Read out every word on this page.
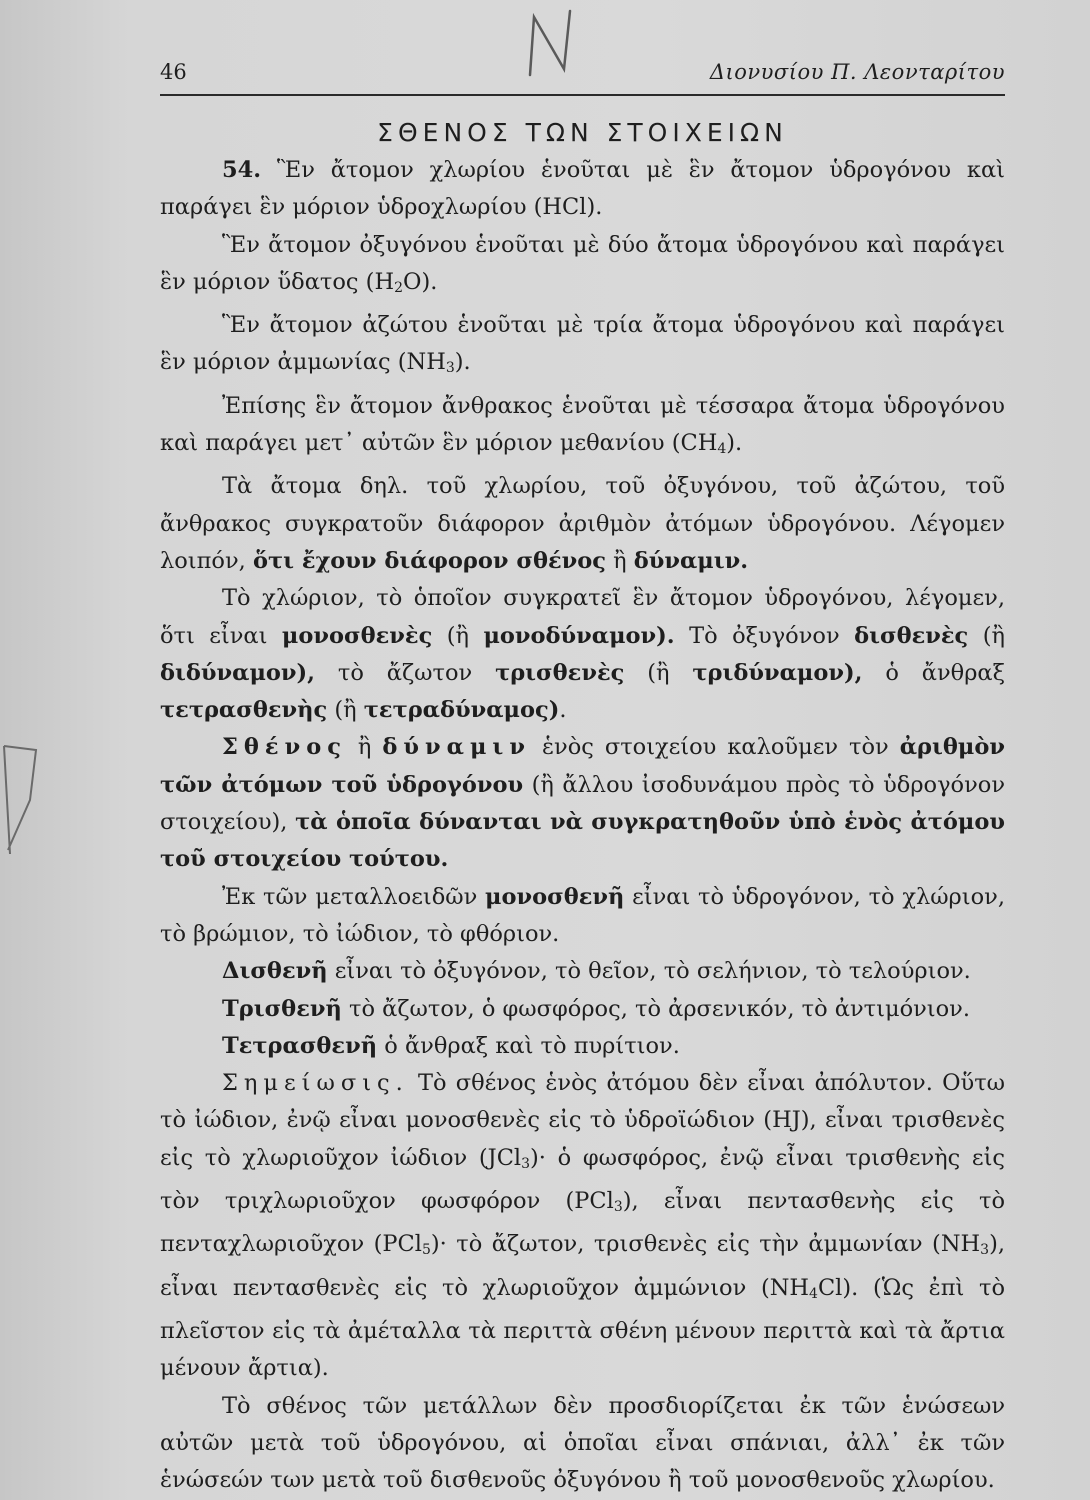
46	Διονυσίου Π. Λεονταρίτου
ΣΘΕΝΟΣ ΤΩΝ ΣΤΟΙΧΕΙΩΝ

54. Ἓν ἄτομον χλωρίου ἑνοῦται μὲ ἓν ἄτομον ὑδρογόνου καὶ παράγει ἓν μόριον ὑδροχλωρίου (HCl).

Ἓν ἄτομον ὀξυγόνου ἑνοῦται μὲ δύο ἄτομα ὑδρογόνου καὶ παράγει ἓν μόριον ὕδατος $(H_2O)$.

Ἓν ἄτομον ἀζώτου ἑνοῦται μὲ τρία ἄτομα ὑδρογόνου καὶ παράγει ἓν μόριον ἀμμωνίας $(NH_3)$.

Ἐπίσης ἓν ἄτομον ἄνθρακος ἑνοῦται μὲ τέσσαρα ἄτομα ὑδρογόνου καὶ παράγει μετ᾽ αὐτῶν ἓν μόριον μεθανίου $(CH_4)$.

Τὰ ἄτομα δηλ. τοῦ χλωρίου, τοῦ ὀξυγόνου, τοῦ ἀζώτου, τοῦ ἄνθρακος συγκρατοῦν διάφορον ἀριθμὸν ἀτόμων ὑδρογόνου. Λέγομεν λοιπόν, ὅτι ἔχουν διάφορον σθένος ἢ δύναμιν.

Τὸ χλώριον, τὸ ὁποῖον συγκρατεῖ ἓν ἄτομον ὑδρογόνου, λέγομεν, ὅτι εἶναι μονοσθενὲς (ἢ μονοδύναμον). Τὸ ὀξυγόνον δισθενὲς (ἢ διδύναμον), τὸ ἄζωτον τρισθενὲς (ἢ τριδύναμον), ὁ ἄνθραξ τετρασθενὴς (ἢ τετραδύναμος).

Σθένος ἢ δύναμιν ἑνὸς στοιχείου καλοῦμεν τὸν ἀριθμὸν τῶν ἀτόμων τοῦ ὑδρογόνου (ἢ ἄλλου ἰσοδυνάμου πρὸς τὸ ὑδρογόνον στοιχείου), τὰ ὁποῖα δύνανται νὰ συγκρατηθοῦν ὑπὸ ἑνὸς ἀτόμου τοῦ στοιχείου τούτου.

Ἐκ τῶν μεταλλοειδῶν μονοσθενῆ εἶναι τὸ ὑδρογόνον, τὸ χλώριον, τὸ βρώμιον, τὸ ἰώδιον, τὸ φθόριον.

Δισθενῆ εἶναι τὸ ὀξυγόνον, τὸ θεῖον, τὸ σελήνιον, τὸ τελούριον.

Τρισθενῆ τὸ ἄζωτον, ὁ φωσφόρος, τὸ ἀρσενικόν, τὸ ἀντιμόνιον.

Τετρασθενῆ ὁ ἄνθραξ καὶ τὸ πυρίτιον.

Σημείωσις. Τὸ σθένος ἑνὸς ἀτόμου δὲν εἶναι ἀπόλυτον. Οὕτω τὸ ἰώδιον, ἐνῷ εἶναι μονοσθενὲς εἰς τὸ ὑδροϊώδιον (HJ), εἶναι τρισθενὲς εἰς τὸ χλωριοῦχον ἰώδιον (JCl$_3$)· ὁ φωσφόρος, ἐνῷ εἶναι τρισθενὴς εἰς τὸν τριχλωριοῦχον φωσφόρον (PCl$_3$), εἶναι πεντασθενὴς εἰς τὸ πενταχλωριοῦχον (PCl$_5$)· τὸ ἄζωτον, τρισθενὲς εἰς τὴν ἀμμωνίαν $(NH_3)$, εἶναι πεντασθενὲς εἰς τὸ χλωριοῦχον ἀμμώνιον $(NH_4Cl)$. (Ὡς ἐπὶ τὸ πλεῖστον εἰς τὰ ἀμέταλλα τὰ περιττὰ σθένη μένουν περιττὰ καὶ τὰ ἄρτια μένουν ἄρτια).

Τὸ σθένος τῶν μετάλλων δὲν προσδιορίζεται ἐκ τῶν ἑνώσεων αὐτῶν μετὰ τοῦ ὑδρογόνου, αἱ ὁποῖαι εἶναι σπάνιαι, ἀλλ᾽ ἐκ τῶν ἑνώσεών των μετὰ τοῦ δισθενοῦς ὀξυγόνου ἢ τοῦ μονοσθενοῦς χλωρίου.
